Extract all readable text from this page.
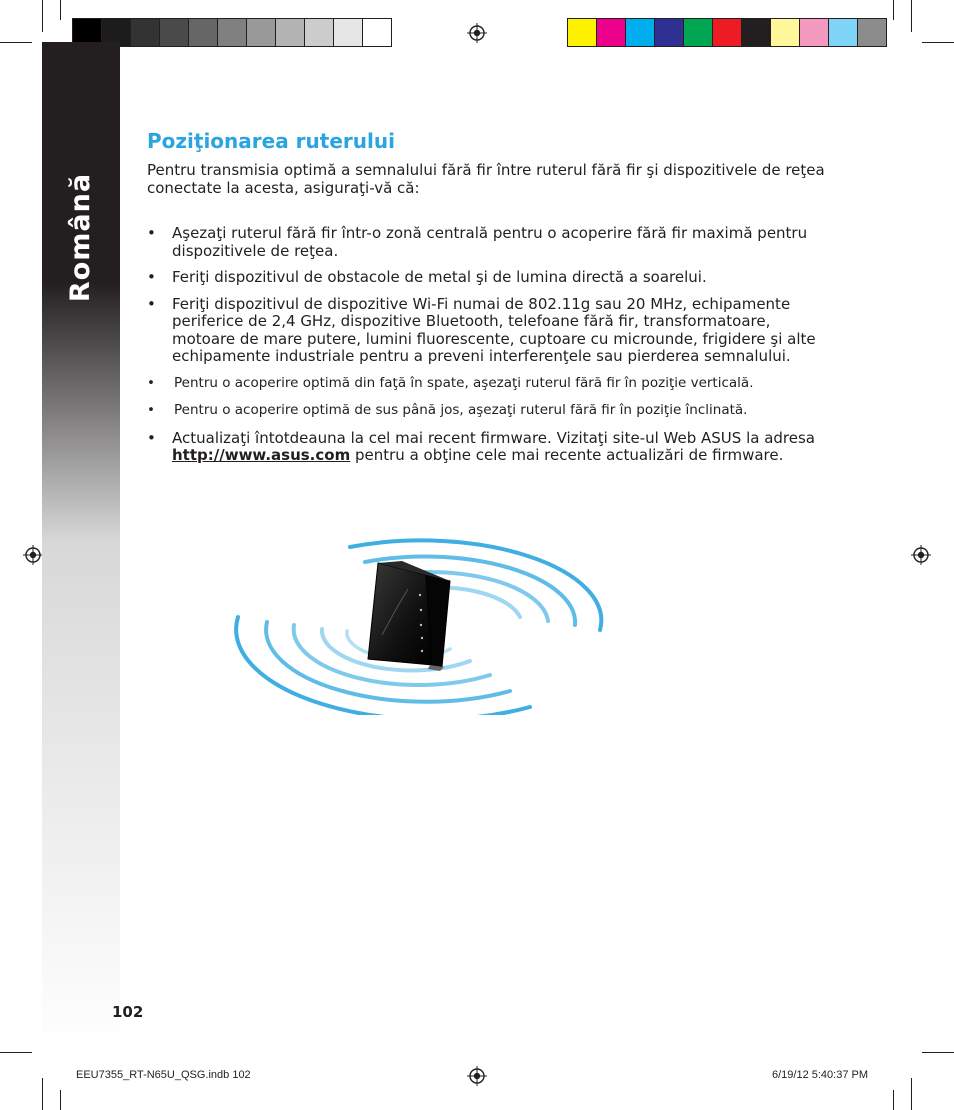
Română
Poziţionarea ruterului

Pentru transmisia optimă a semnalului fără fir între ruterul fără fir şi dispozitivele de reţea conectate la acesta, asiguraţi-vă că:

• Aşezaţi ruterul fără fir într-o zonă centrală pentru o acoperire fără fir maximă pentru dispozitivele de reţea.
• Feriţi dispozitivul de obstacole de metal şi de lumina directă a soarelui.
• Feriţi dispozitivul de dispozitive Wi-Fi numai de 802.11g sau 20 MHz, echipamente periferice de 2,4 GHz, dispozitive Bluetooth, telefoane fără fir, transformatoare, motoare de mare putere, lumini fluorescente, cuptoare cu microunde, frigidere şi alte echipamente industriale pentru a preveni interferenţele sau pierderea semnalului.
• Pentru o acoperire optimă din faţă în spate, aşezaţi ruterul fără fir în poziţie verticală.
• Pentru o acoperire optimă de sus până jos, aşezaţi ruterul fără fir în poziţie înclinată.
• Actualizaţi întotdeauna la cel mai recent firmware. Vizitaţi site-ul Web ASUS la adresa http://www.asus.com pentru a obţine cele mai recente actualizări de firmware.
102
EEU7355_RT-N65U_QSG.indb 102	6/19/12 5:40:37 PM
